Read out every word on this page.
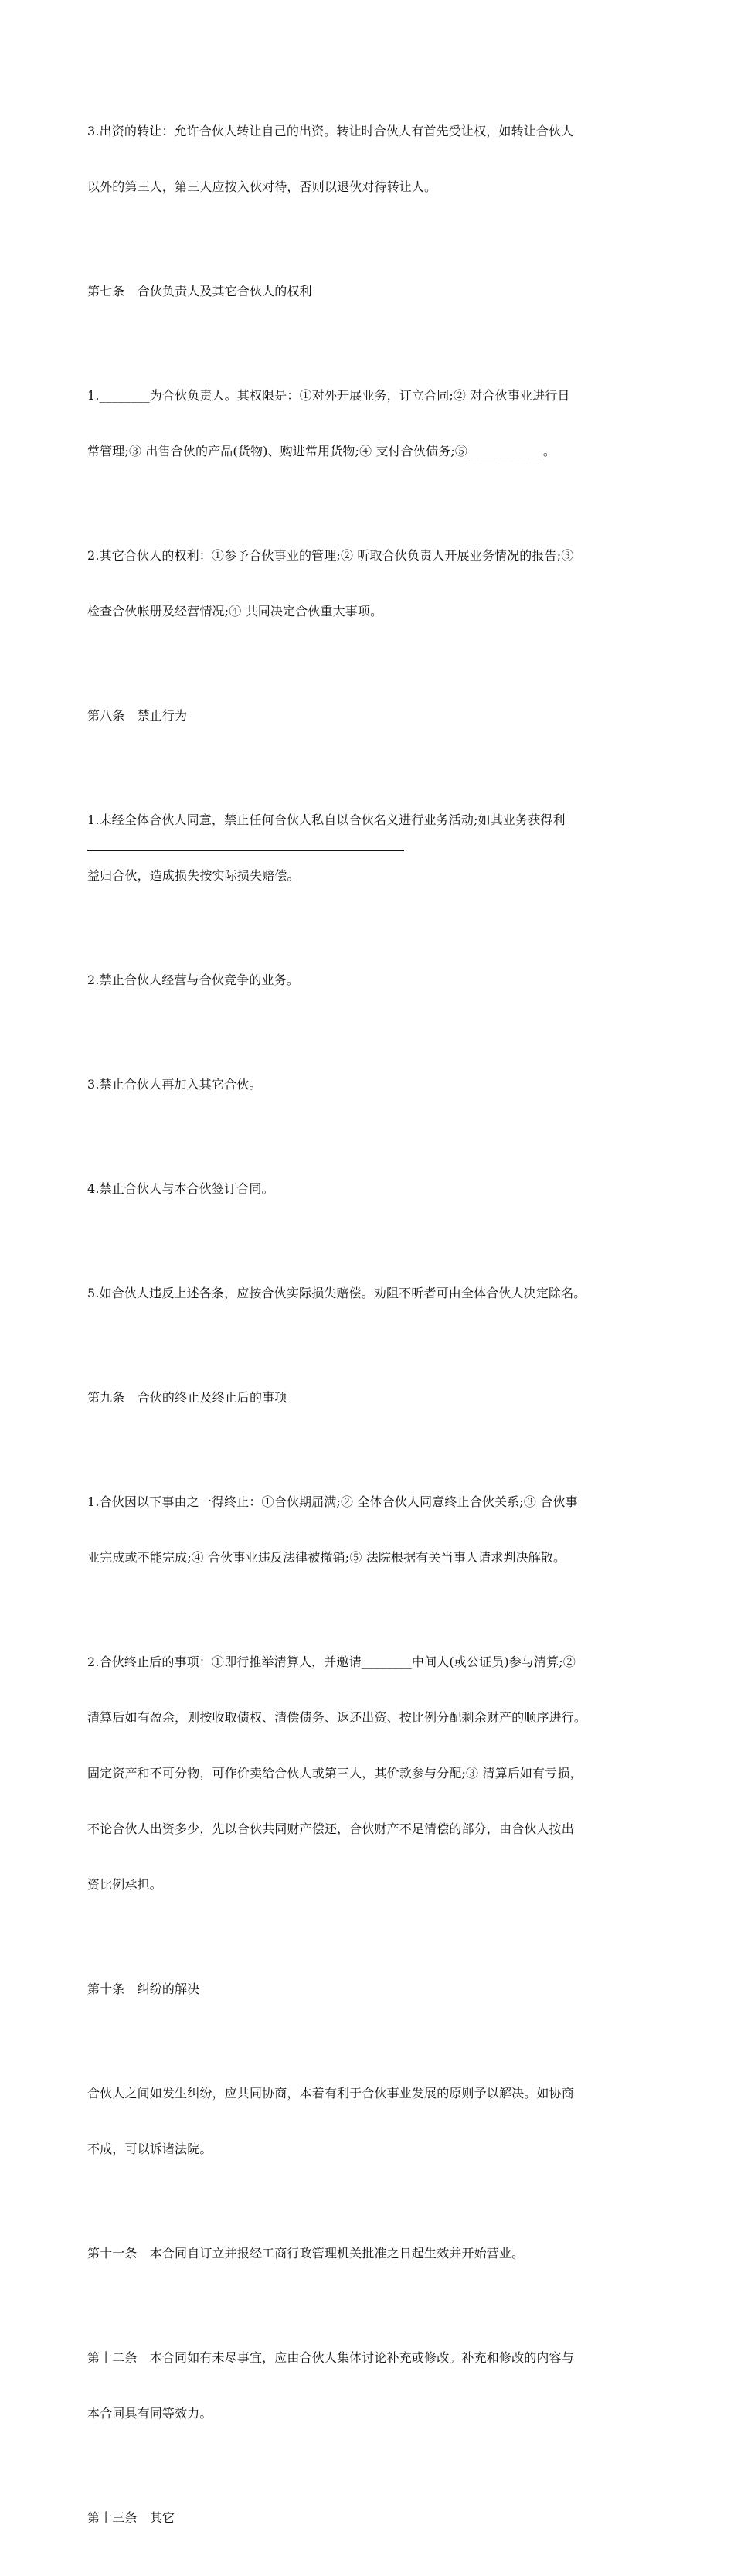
3.出资的转让：允许合伙人转让自己的出资。转让时合伙人有首先受让权，如转让合伙人

以外的第三人，第三人应按入伙对待，否则以退伙对待转让人。

第七条　合伙负责人及其它合伙人的权利

1.________为合伙负责人。其权限是：①对外开展业务，订立合同;② 对合伙事业进行日

常管理;③ 出售合伙的产品(货物)、购进常用货物;④ 支付合伙债务;⑤____________。

2.其它合伙人的权利：①参予合伙事业的管理;② 听取合伙负责人开展业务情况的报告;③

检查合伙帐册及经营情况;④ 共同决定合伙重大事项。

第八条　禁止行为

1.未经全体合伙人同意，禁止任何合伙人私自以合伙名义进行业务活动;如其业务获得利

益归合伙，造成损失按实际损失赔偿。

2.禁止合伙人经营与合伙竞争的业务。

3.禁止合伙人再加入其它合伙。

4.禁止合伙人与本合伙签订合同。

5.如合伙人违反上述各条，应按合伙实际损失赔偿。劝阻不听者可由全体合伙人决定除名。

第九条　合伙的终止及终止后的事项

1.合伙因以下事由之一得终止：①合伙期届满;② 全体合伙人同意终止合伙关系;③ 合伙事

业完成或不能完成;④ 合伙事业违反法律被撤销;⑤ 法院根据有关当事人请求判决解散。

2.合伙终止后的事项：①即行推举清算人，并邀请________中间人(或公证员)参与清算;②

清算后如有盈余，则按收取债权、清偿债务、返还出资、按比例分配剩余财产的顺序进行。

固定资产和不可分物，可作价卖给合伙人或第三人，其价款参与分配;③ 清算后如有亏损，

不论合伙人出资多少，先以合伙共同财产偿还，合伙财产不足清偿的部分，由合伙人按出

资比例承担。

第十条　纠纷的解决

合伙人之间如发生纠纷，应共同协商，本着有利于合伙事业发展的原则予以解决。如协商

不成，可以诉诸法院。

第十一条　本合同自订立并报经工商行政管理机关批准之日起生效并开始营业。

第十二条　本合同如有未尽事宜，应由合伙人集体讨论补充或修改。补充和修改的内容与

本合同具有同等效力。

第十三条　其它
